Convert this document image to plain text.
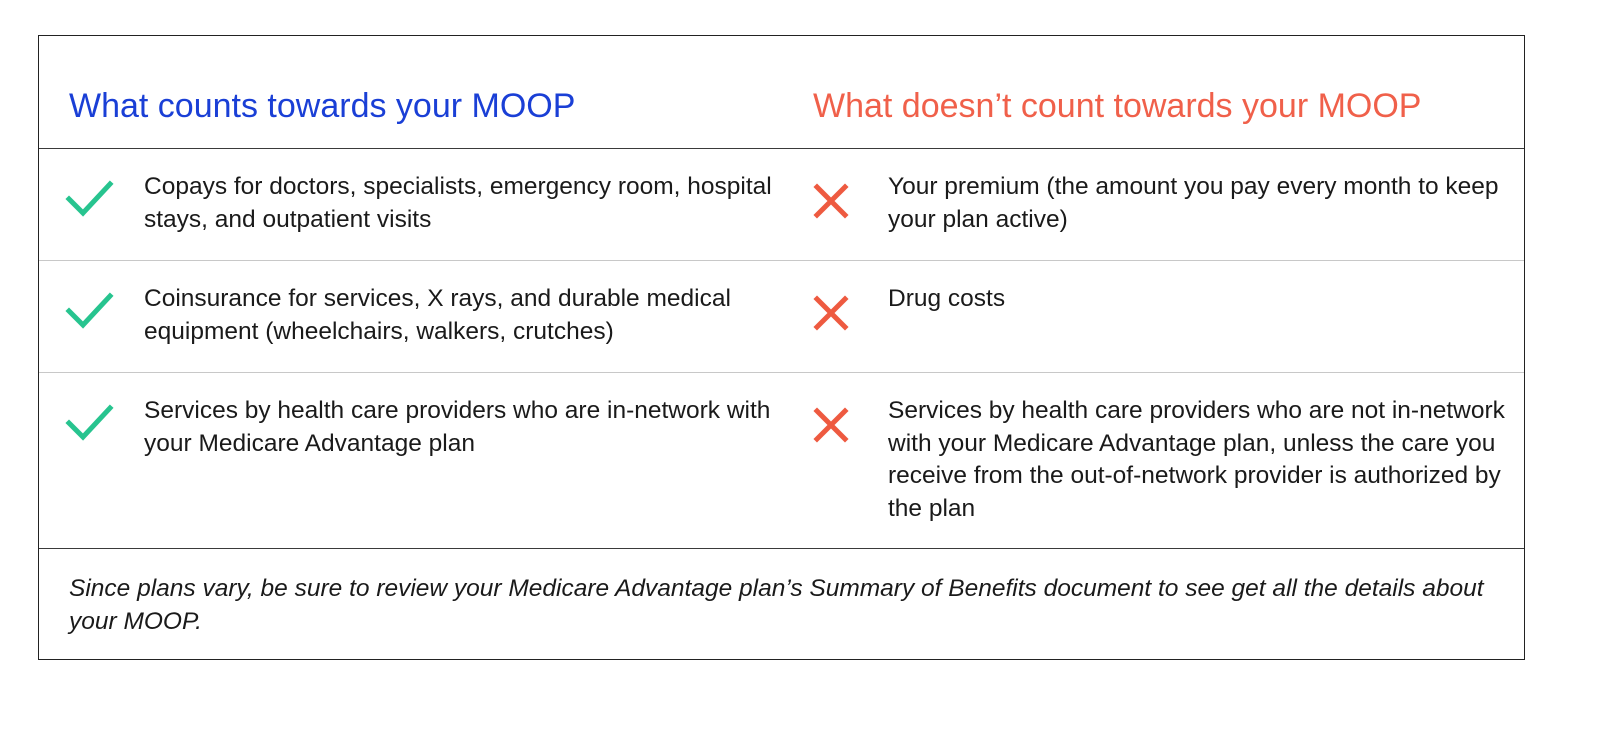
What counts towards your MOOP	What doesn’t count towards your MOOP

Copays for doctors, specialists, emergency room, hospital stays, and outpatient visits

Your premium (the amount you pay every month to keep your plan active)

Coinsurance for services, X rays, and durable medical equipment (wheelchairs, walkers, crutches)

Drug costs

Services by health care providers who are in-network with your Medicare Advantage plan

Services by health care providers who are not in-network with your Medicare Advantage plan, unless the care you receive from the out-of-network provider is authorized by the plan

Since plans vary, be sure to review your Medicare Advantage plan’s Summary of Benefits document to see get all the details about your MOOP.
